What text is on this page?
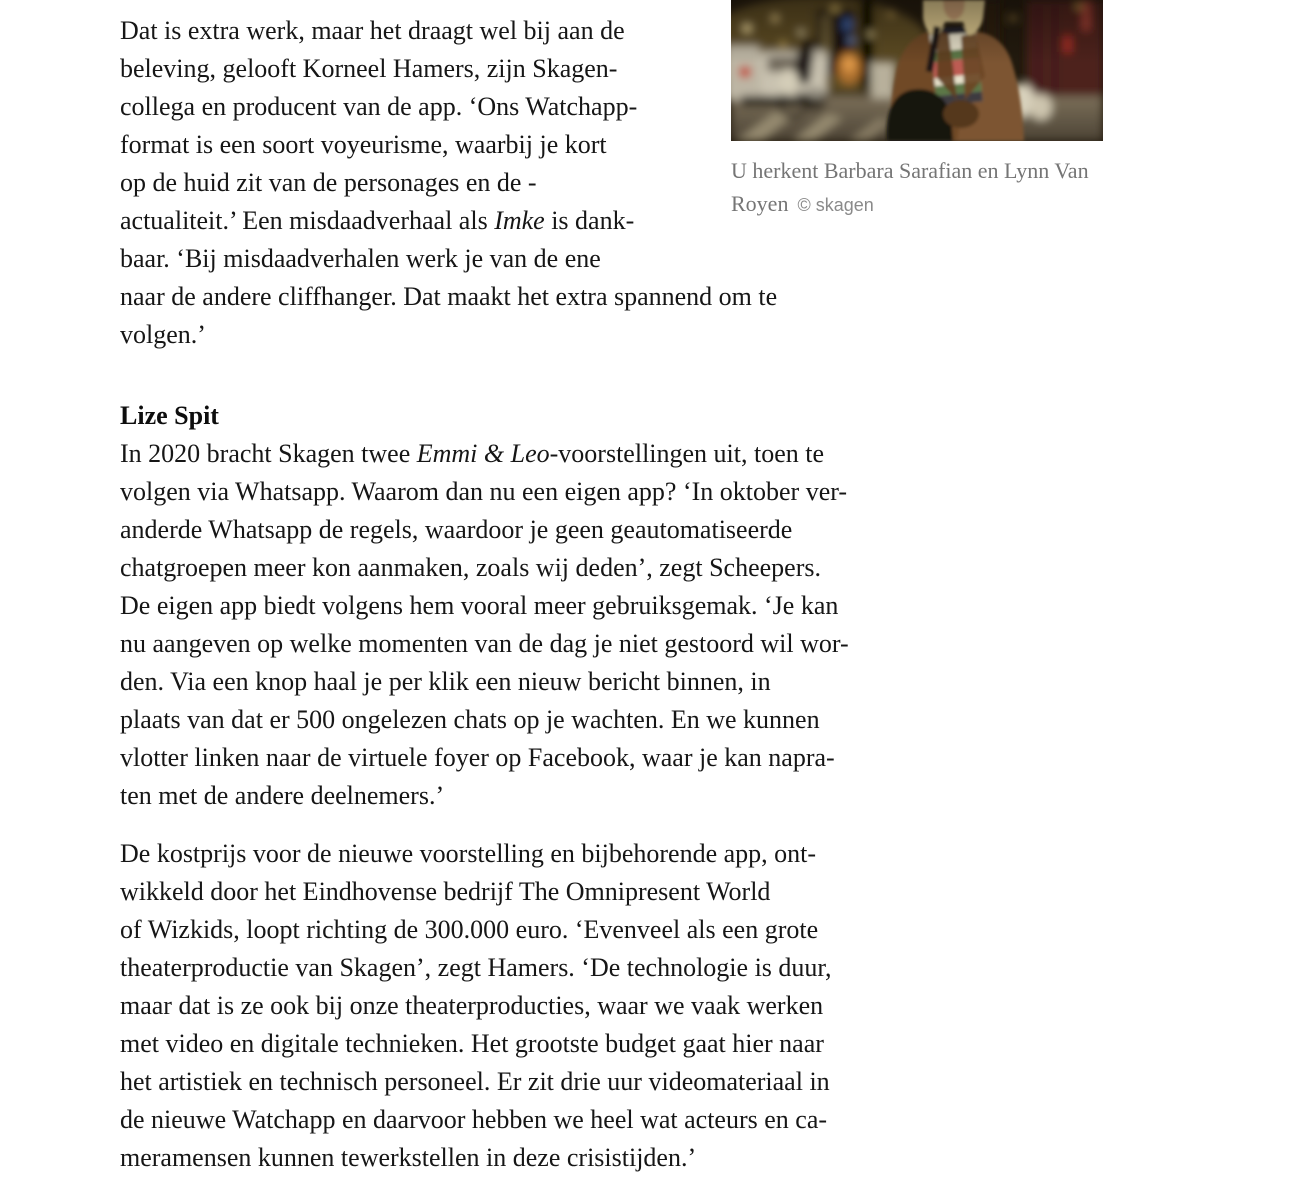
U herkent Barbara Sarafian en Lynn Van Royen © skagen

Dat is extra werk, maar het draagt wel bij aan de
beleving, gelooft Korneel Hamers, zijn Skagen-
collega en producent van de app. ‘Ons Watchapp-
format is een soort voyeurisme, waarbij je kort
op de huid zit van de personages en de -
actualiteit.’ Een misdaadverhaal als Imke is dank-
baar. ‘Bij misdaadverhalen werk je van de ene
naar de andere cliffhanger. Dat maakt het extra spannend om te
volgen.’

Lize Spit

In 2020 bracht Skagen twee Emmi & Leo-voorstellingen uit, toen te
volgen via Whatsapp. Waarom dan nu een eigen app? ‘In oktober ver-
anderde Whatsapp de regels, waardoor je geen geautomatiseerde
chatgroepen meer kon aanmaken, zoals wij deden’, zegt Scheepers.
De eigen app biedt volgens hem vooral meer gebruiksgemak. ‘Je kan
nu aangeven op welke momenten van de dag je niet gestoord wil wor-
den. Via een knop haal je per klik een nieuw bericht binnen, in
plaats van dat er 500 ongelezen chats op je wachten. En we kunnen
vlotter linken naar de virtuele foyer op Facebook, waar je kan napra-
ten met de andere deelnemers.’

De kostprijs voor de nieuwe voorstelling en bijbehorende app, ont-
wikkeld door het Eindhovense bedrijf The Omnipresent World
of Wizkids, loopt richting de 300.000 euro. ‘Evenveel als een grote
theaterproductie van Skagen’, zegt Hamers. ‘De technologie is duur,
maar dat is ze ook bij onze theaterproducties, waar we vaak werken
met video en digitale technieken. Het grootste budget gaat hier naar
het artistiek en technisch personeel. Er zit drie uur videomateriaal in
de nieuwe Watchapp en daarvoor hebben we heel wat acteurs en ca-
meramensen kunnen tewerkstellen in deze crisistijden.’
